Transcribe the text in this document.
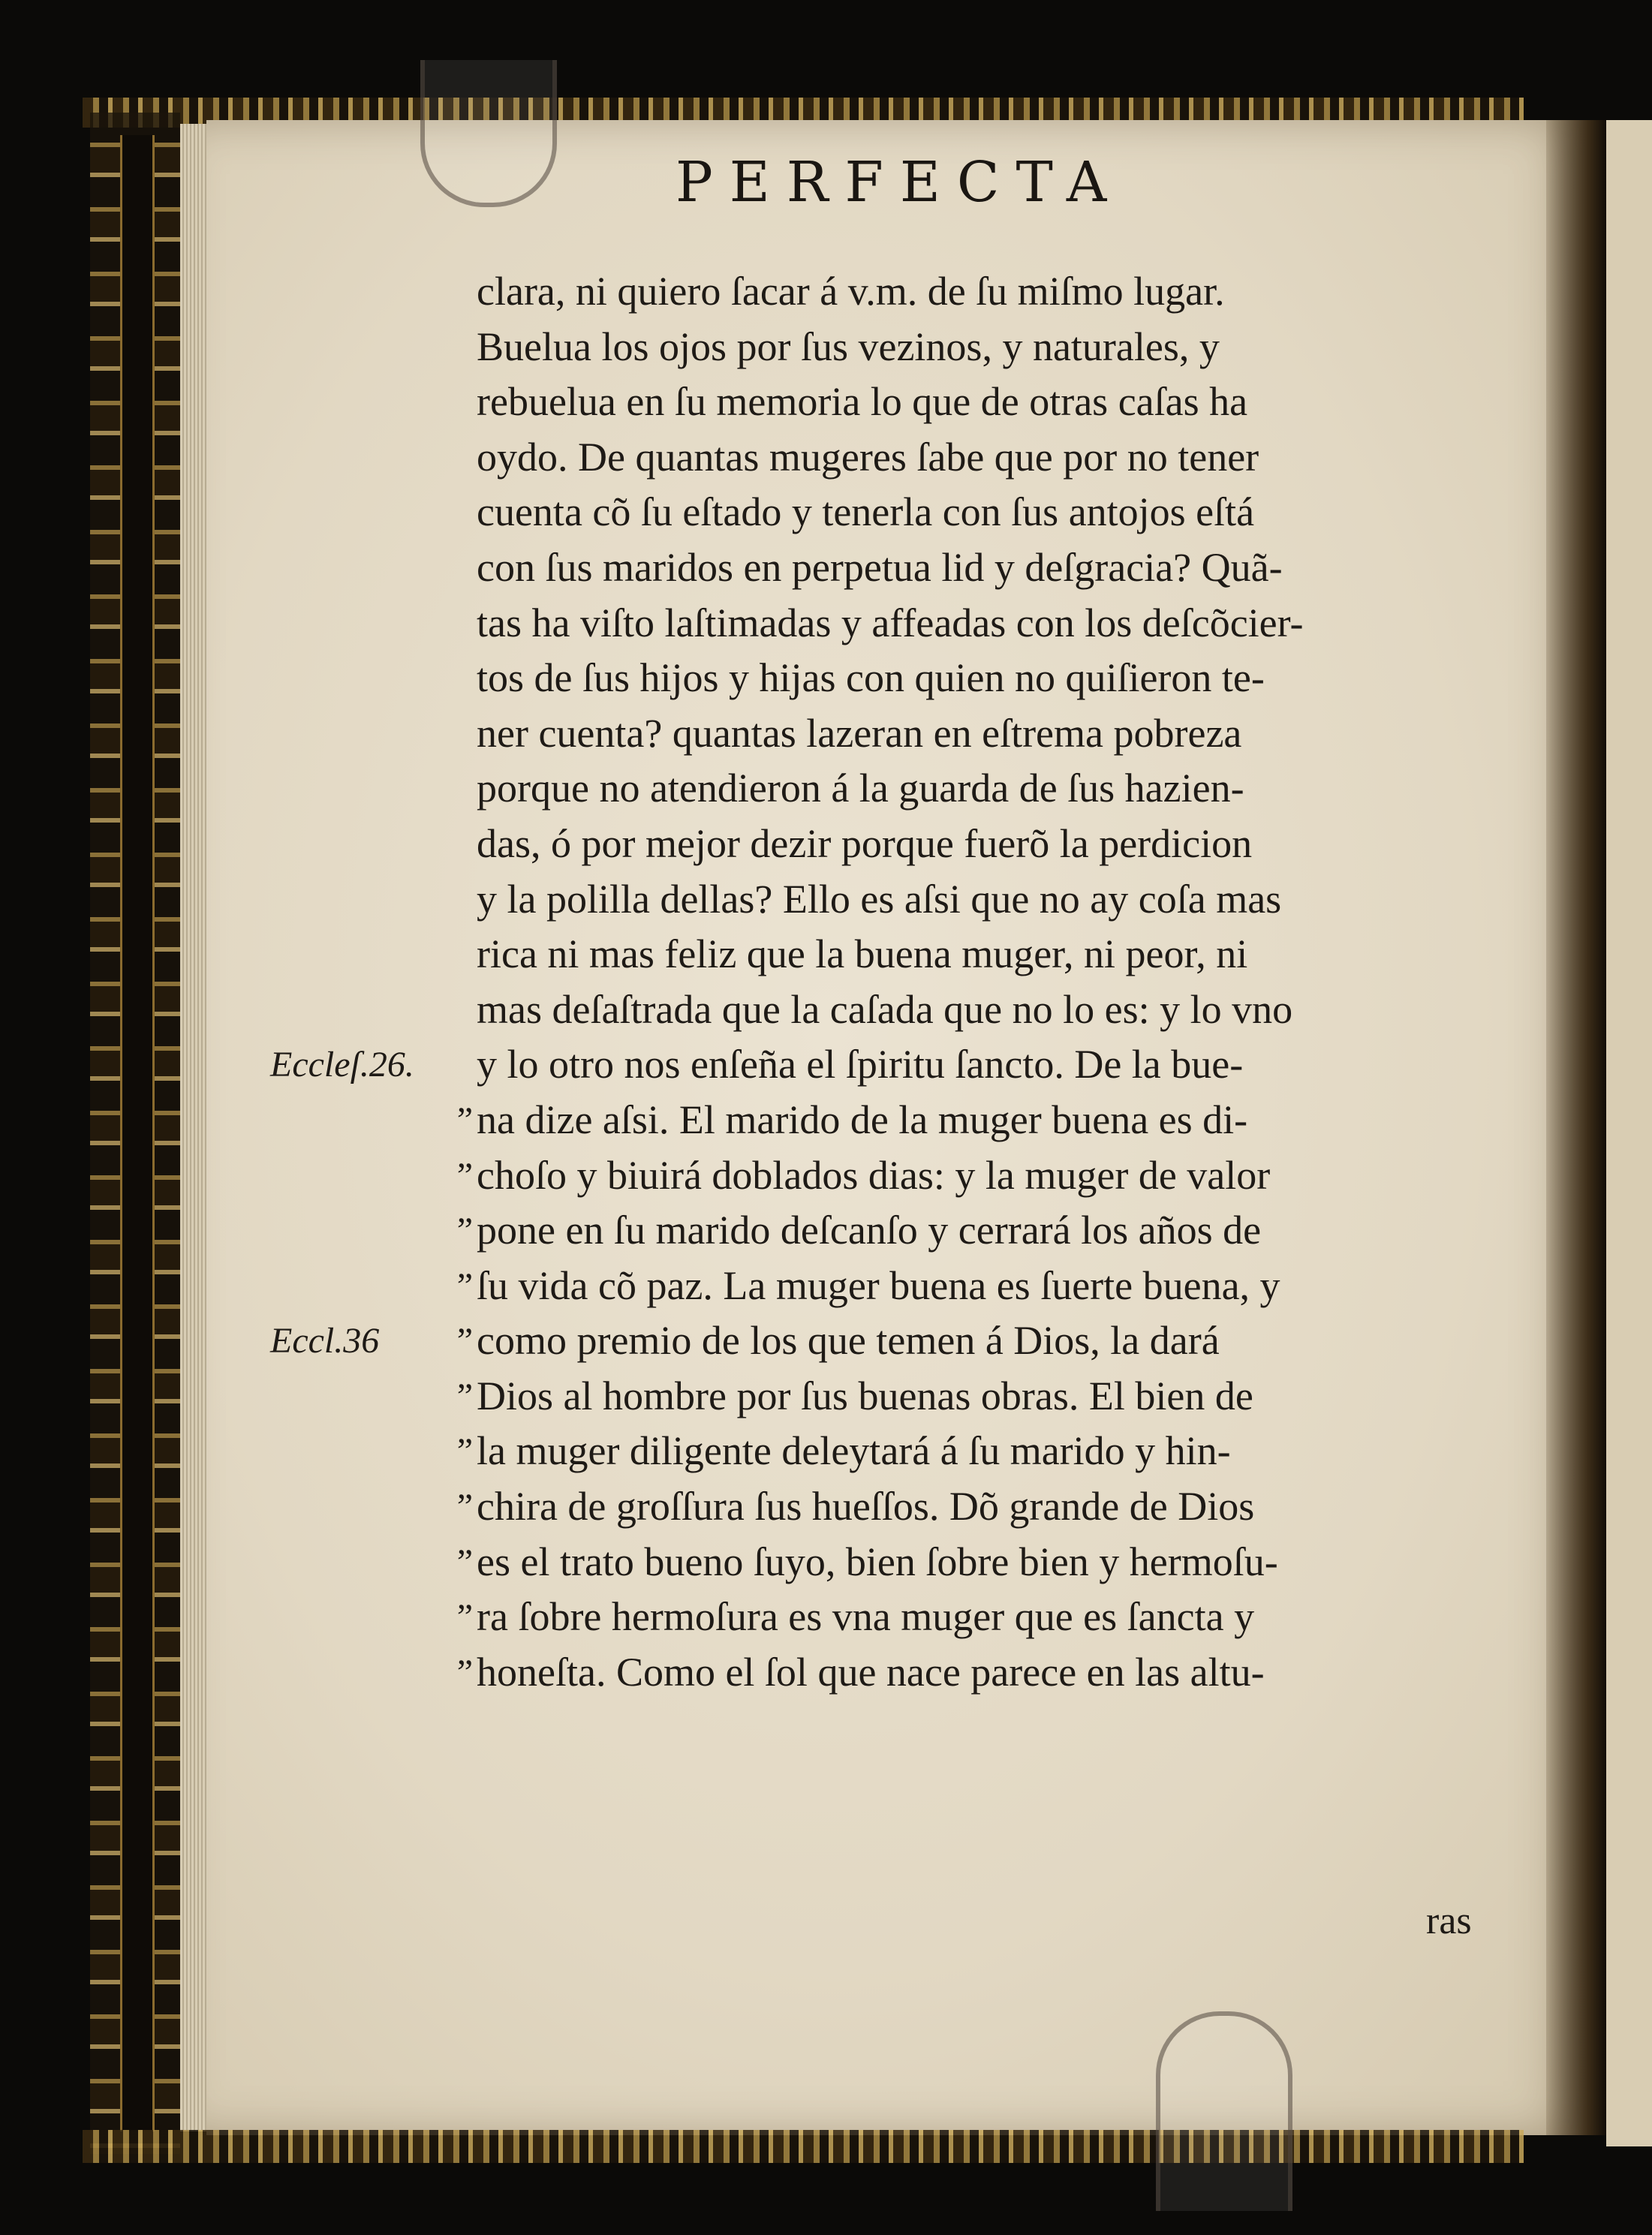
PERFECTA
Eccleſ.26.
”
”
”
”
Eccl.36	”
”
”
”
”
”
”
clara, ni quiero ſacar á v.m. de ſu miſmo lugar.
Buelua los ojos por ſus vezinos, y naturales, y
rebuelua en ſu memoria lo que de otras caſas ha
oydo. De quantas mugeres ſabe que por no tener
cuenta cõ ſu eſtado y tenerla con ſus antojos eſtá
con ſus maridos en perpetua lid y deſgracia? Quã-
tas ha viſto laſtimadas y affeadas con los deſcõcier-
tos de ſus hijos y hijas con quien no quiſieron te-
ner cuenta? quantas lazeran en eſtrema pobreza
porque no atendieron á la guarda de ſus hazien-
das, ó por mejor dezir porque fuerõ la perdicion
y la polilla dellas? Ello es aſsi que no ay coſa mas
rica ni mas feliz que la buena muger, ni peor, ni
mas deſaſtrada que la caſada que no lo es: y lo vno
y lo otro nos enſeña el ſpiritu ſancto. De la bue-
na dize aſsi. El marido de la muger buena es di-
choſo y biuirá doblados dias: y la muger de valor
pone en ſu marido deſcanſo y cerrará los años de
ſu vida cõ paz. La muger buena es ſuerte buena, y
como premio de los que temen á Dios, la dará
Dios al hombre por ſus buenas obras. El bien de
la muger diligente deleytará á ſu marido y hin-
chira de groſſura ſus hueſſos. Dõ grande de Dios
es el trato bueno ſuyo, bien ſobre bien y hermoſu-
ra ſobre hermoſura es vna muger que es ſancta y
honeſta. Como el ſol que nace parece en las altu-
ras
